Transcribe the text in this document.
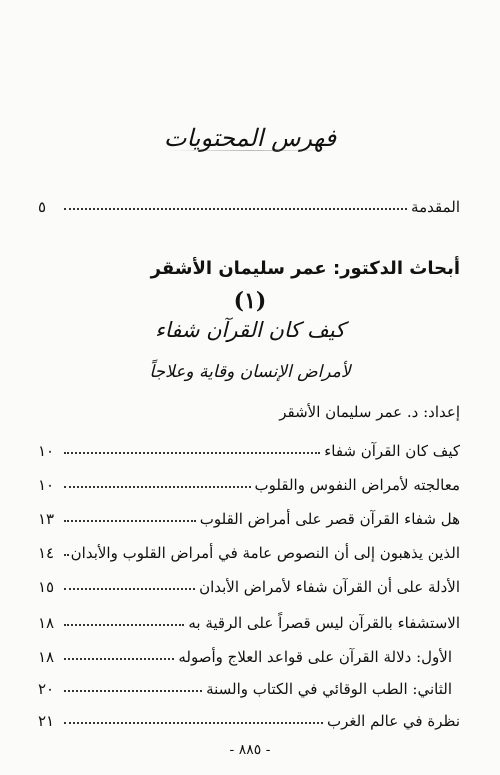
فهرس المحتويات
المقدمة
٥
أبحاث الدكتور: عمر سليمان الأشقر
(١)
كيف كان القرآن شفاء
لأمراض الإنسان وقاية وعلاجاً
إعداد: د. عمر سليمان الأشقر
كيف كان القرآن شفاء
١٠
معالجته لأمراض النفوس والقلوب
١٠
هل شفاء القرآن قصر على أمراض القلوب
١٣
الذين يذهبون إلى أن النصوص عامة في أمراض القلوب والأبدان
١٤
الأدلة على أن القرآن شفاء لأمراض الأبدان
١٥
الاستشفاء بالقرآن ليس قصراً على الرقية به
١٨
الأول: دلالة القرآن على قواعد العلاج وأصوله
١٨
الثاني: الطب الوقائي في الكتاب والسنة
٢٠
نظرة في عالم الغرب
٢١
- ٨٨٥ -
